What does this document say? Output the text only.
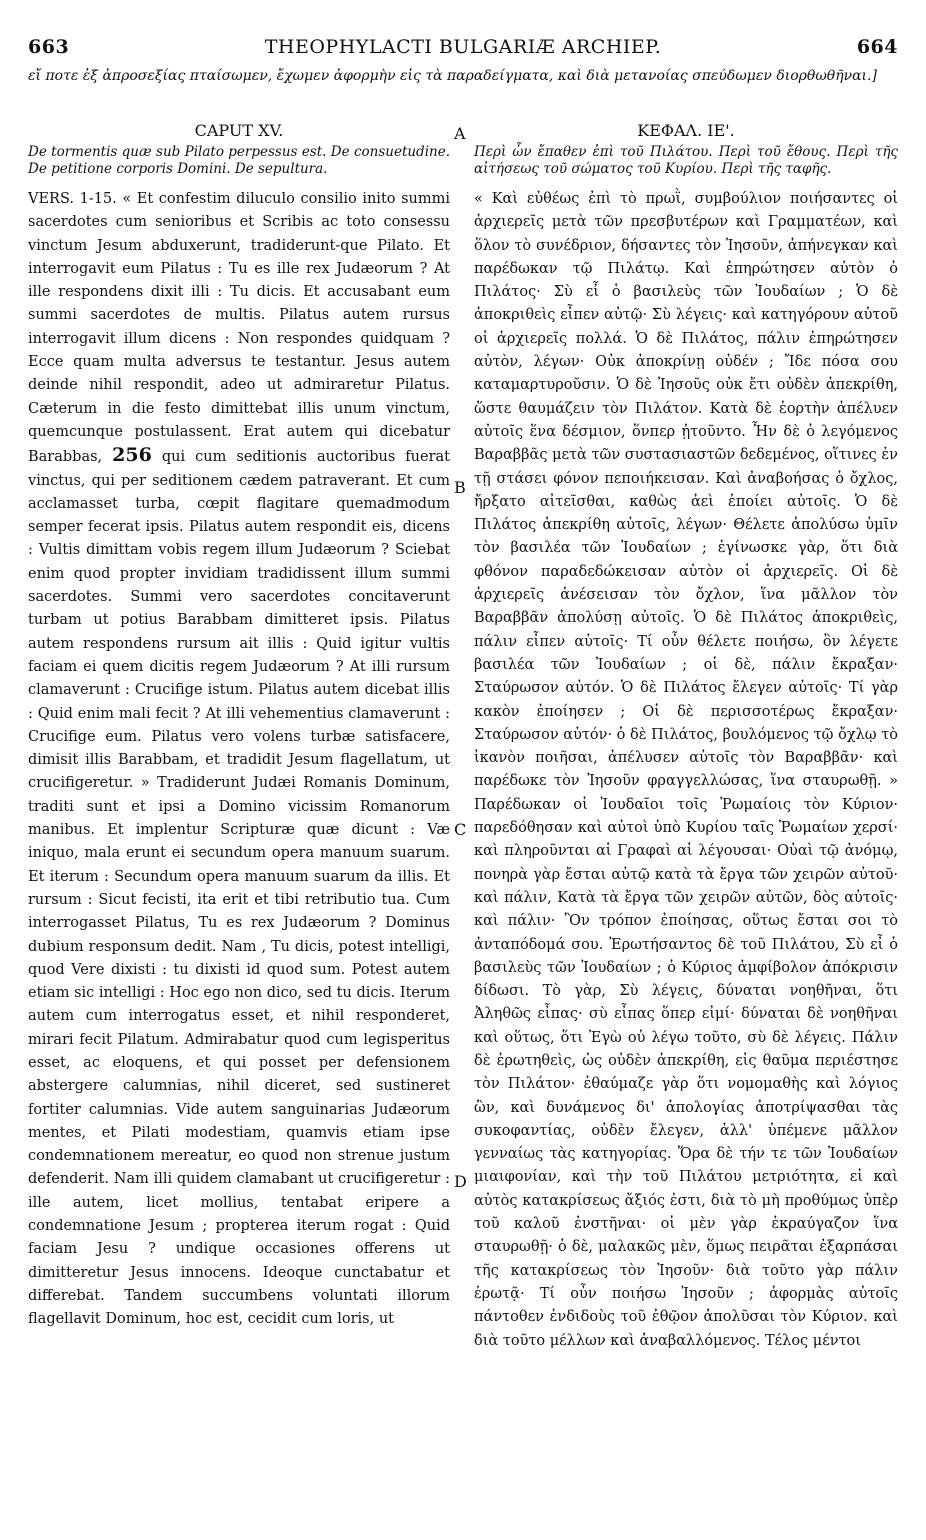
663	THEOPHYLACTI BULGARIÆ ARCHIEP.	664
εἴ ποτε ἐξ ἀπροσεξίας πταίσωμεν, ἔχωμεν ἀφορμὴν εἰς τὰ παραδείγματα, καὶ διὰ μετανοίας σπεύδωμεν διορθωθῆναι.]
A
B
C
D
CAPUT XV.
De tormentis quæ sub Pilato perpessus est. De consuetudine. De petitione corporis Domini. De sepultura.

VERS. 1-15. « Et confestim diluculo consilio inito summi sacerdotes cum senioribus et Scribis ac toto consessu vinctum Jesum abduxerunt, tradiderunt-que Pilato. Et interrogavit eum Pilatus : Tu es ille rex Judæorum ? At ille respondens dixit illi : Tu dicis. Et accusabant eum summi sacerdotes de multis. Pilatus autem rursus interrogavit illum dicens : Non respondes quidquam ? Ecce quam multa adversus te testantur. Jesus autem deinde nihil respondit, adeo ut admiraretur Pilatus. Cæterum in die festo dimittebat illis unum vinctum, quemcunque postulassent. Erat autem qui dicebatur Barabbas, 256 qui cum seditionis auctoribus fuerat vinctus, qui per seditionem cædem patraverant. Et cum acclamasset turba, cœpit flagitare quemadmodum semper fecerat ipsis. Pilatus autem respondit eis, dicens : Vultis dimittam vobis regem illum Judæorum ? Sciebat enim quod propter invidiam tradidissent illum summi sacerdotes. Summi vero sacerdotes concitaverunt turbam ut potius Barabbam dimitteret ipsis. Pilatus autem respondens rursum ait illis : Quid igitur vultis faciam ei quem dicitis regem Judæorum ? At illi rursum clamaverunt : Crucifige istum. Pilatus autem dicebat illis : Quid enim mali fecit ? At illi vehementius clamaverunt : Crucifige eum. Pilatus vero volens turbæ satisfacere, dimisit illis Barabbam, et tradidit Jesum flagellatum, ut crucifigeretur. » Tradiderunt Judæi Romanis Dominum, traditi sunt et ipsi a Domino vicissim Romanorum manibus. Et implentur Scripturæ quæ dicunt : Væ iniquo, mala erunt ei secundum opera manuum suarum. Et iterum : Secundum opera manuum suarum da illis. Et rursum : Sicut fecisti, ita erit et tibi retributio tua. Cum interrogasset Pilatus, Tu es rex Judæorum ? Dominus dubium responsum dedit. Nam , Tu dicis, potest intelligi, quod Vere dixisti : tu dixisti id quod sum. Potest autem etiam sic intelligi : Hoc ego non dico, sed tu dicis. Iterum autem cum interrogatus esset, et nihil responderet, mirari fecit Pilatum. Admirabatur quod cum legisperitus esset, ac eloquens, et qui posset per defensionem abstergere calumnias, nihil diceret, sed sustineret fortiter calumnias. Vide autem sanguinarias Judæorum mentes, et Pilati modestiam, quamvis etiam ipse condemnationem mereatur, eo quod non strenue justum defenderit. Nam illi quidem clamabant ut crucifigeretur : ille autem, licet mollius, tentabat eripere a condemnatione Jesum ; propterea iterum rogat : Quid faciam Jesu ? undique occasiones offerens ut dimitteretur Jesus innocens. Ideoque cunctabatur et differebat. Tandem succumbens voluntati illorum flagellavit Dominum, hoc est, cecidit cum loris, ut

ΚΕΦΑΛ. ΙΕ'.
Περὶ ὧν ἔπαθεν ἐπὶ τοῦ Πιλάτου. Περὶ τοῦ ἔθους. Περὶ τῆς αἰτήσεως τοῦ σώματος τοῦ Κυρίου. Περὶ τῆς ταφῆς.

« Καὶ εὐθέως ἐπὶ τὸ πρωῒ, συμβούλιον ποιήσαντες οἱ ἀρχιερεῖς μετὰ τῶν πρεσβυτέρων καὶ Γραμματέων, καὶ ὅλον τὸ συνέδριον, δήσαντες τὸν Ἰησοῦν, ἀπήνεγκαν καὶ παρέδωκαν τῷ Πιλάτῳ. Καὶ ἐπηρώτησεν αὐτὸν ὁ Πιλάτος· Σὺ εἶ ὁ βασιλεὺς τῶν Ἰουδαίων ; Ὁ δὲ ἀποκριθεὶς εἶπεν αὐτῷ· Σὺ λέγεις· καὶ κατηγόρουν αὐτοῦ οἱ ἀρχιερεῖς πολλά. Ὁ δὲ Πιλάτος, πάλιν ἐπηρώτησεν αὐτὸν, λέγων· Οὐκ ἀποκρίνῃ οὐδέν ; Ἴδε πόσα σου καταμαρτυροῦσιν. Ὁ δὲ Ἰησοῦς οὐκ ἔτι οὐδὲν ἀπεκρίθη, ὥστε θαυμάζειν τὸν Πιλάτον. Κατὰ δὲ ἑορτὴν ἀπέλυεν αὐτοῖς ἕνα δέσμιον, ὅνπερ ᾐτοῦντο. Ἦν δὲ ὁ λεγόμενος Βαραββᾶς μετὰ τῶν συστασιαστῶν δεδεμένος, οἵτινες ἐν τῇ στάσει φόνον πεποιήκεισαν. Καὶ ἀναβοήσας ὁ ὄχλος, ἤρξατο αἰτεῖσθαι, καθὼς ἀεὶ ἐποίει αὐτοῖς. Ὁ δὲ Πιλάτος ἀπεκρίθη αὐτοῖς, λέγων· Θέλετε ἀπολύσω ὑμῖν τὸν βασιλέα τῶν Ἰουδαίων ; ἐγίνωσκε γὰρ, ὅτι διὰ φθόνον παραδεδώκεισαν αὐτὸν οἱ ἀρχιερεῖς. Οἱ δὲ ἀρχιερεῖς ἀνέσεισαν τὸν ὄχλον, ἵνα μᾶλλον τὸν Βαραββᾶν ἀπολύσῃ αὐτοῖς. Ὁ δὲ Πιλάτος ἀποκριθεὶς, πάλιν εἶπεν αὐτοῖς· Τί οὖν θέλετε ποιήσω, ὃν λέγετε βασιλέα τῶν Ἰουδαίων ; οἱ δὲ, πάλιν ἔκραξαν· Σταύρωσον αὐτόν. Ὁ δὲ Πιλάτος ἔλεγεν αὐτοῖς· Τί γὰρ κακὸν ἐποίησεν ; Οἱ δὲ περισσοτέρως ἔκραξαν· Σταύρωσον αὐτόν· ὁ δὲ Πιλάτος, βουλόμενος τῷ ὄχλῳ τὸ ἱκανὸν ποιῆσαι, ἀπέλυσεν αὐτοῖς τὸν Βαραββᾶν· καὶ παρέδωκε τὸν Ἰησοῦν φραγγελλώσας, ἵνα σταυρωθῇ. » Παρέδωκαν οἱ Ἰουδαῖοι τοῖς Ῥωμαίοις τὸν Κύριον· παρεδόθησαν καὶ αὐτοὶ ὑπὸ Κυρίου ταῖς Ῥωμαίων χερσί· καὶ πληροῦνται αἱ Γραφαὶ αἱ λέγουσαι· Οὐαὶ τῷ ἀνόμῳ, πονηρὰ γὰρ ἔσται αὐτῷ κατὰ τὰ ἔργα τῶν χειρῶν αὐτοῦ· καὶ πάλιν, Κατὰ τὰ ἔργα τῶν χειρῶν αὐτῶν, δὸς αὐτοῖς· καὶ πάλιν· Ὃν τρόπον ἐποίησας, οὕτως ἔσται σοι τὸ ἀνταπόδομά σου. Ἐρωτήσαντος δὲ τοῦ Πιλάτου, Σὺ εἶ ὁ βασιλεὺς τῶν Ἰουδαίων ; ὁ Κύριος ἀμφίβολον ἀπόκρισιν δίδωσι. Τὸ γὰρ, Σὺ λέγεις, δύναται νοηθῆναι, ὅτι Ἀληθῶς εἶπας· σὺ εἶπας ὅπερ εἰμί· δύναται δὲ νοηθῆναι καὶ οὕτως, ὅτι Ἐγὼ οὐ λέγω τοῦτο, σὺ δὲ λέγεις. Πάλιν δὲ ἐρωτηθεὶς, ὡς οὐδὲν ἀπεκρίθη, εἰς θαῦμα περιέστησε τὸν Πιλάτον· ἐθαύμαζε γὰρ ὅτι νομομαθὴς καὶ λόγιος ὢν, καὶ δυνάμενος δι' ἀπολογίας ἀποτρίψασθαι τὰς συκοφαντίας, οὐδὲν ἔλεγεν, ἀλλ' ὑπέμενε μᾶλλον γενναίως τὰς κατηγορίας. Ὅρα δὲ τήν τε τῶν Ἰουδαίων μιαιφονίαν, καὶ τὴν τοῦ Πιλάτου μετριότητα, εἰ καὶ αὐτὸς κατακρίσεως ἄξιός ἐστι, διὰ τὸ μὴ προθύμως ὑπὲρ τοῦ καλοῦ ἐνστῆναι· οἱ μὲν γὰρ ἐκραύγαζον ἵνα σταυρωθῇ· ὁ δὲ, μαλακῶς μὲν, ὅμως πειρᾶται ἐξαρπάσαι τῆς κατακρίσεως τὸν Ἰησοῦν· διὰ τοῦτο γὰρ πάλιν ἐρωτᾷ· Τί οὖν ποιήσω Ἰησοῦν ; ἀφορμὰς αὐτοῖς πάντοθεν ἐνδιδοὺς τοῦ ἐθῷον ἀπολῦσαι τὸν Κύριον. καὶ διὰ τοῦτο μέλλων καὶ ἀναβαλλόμενος. Τέλος μέντοι
